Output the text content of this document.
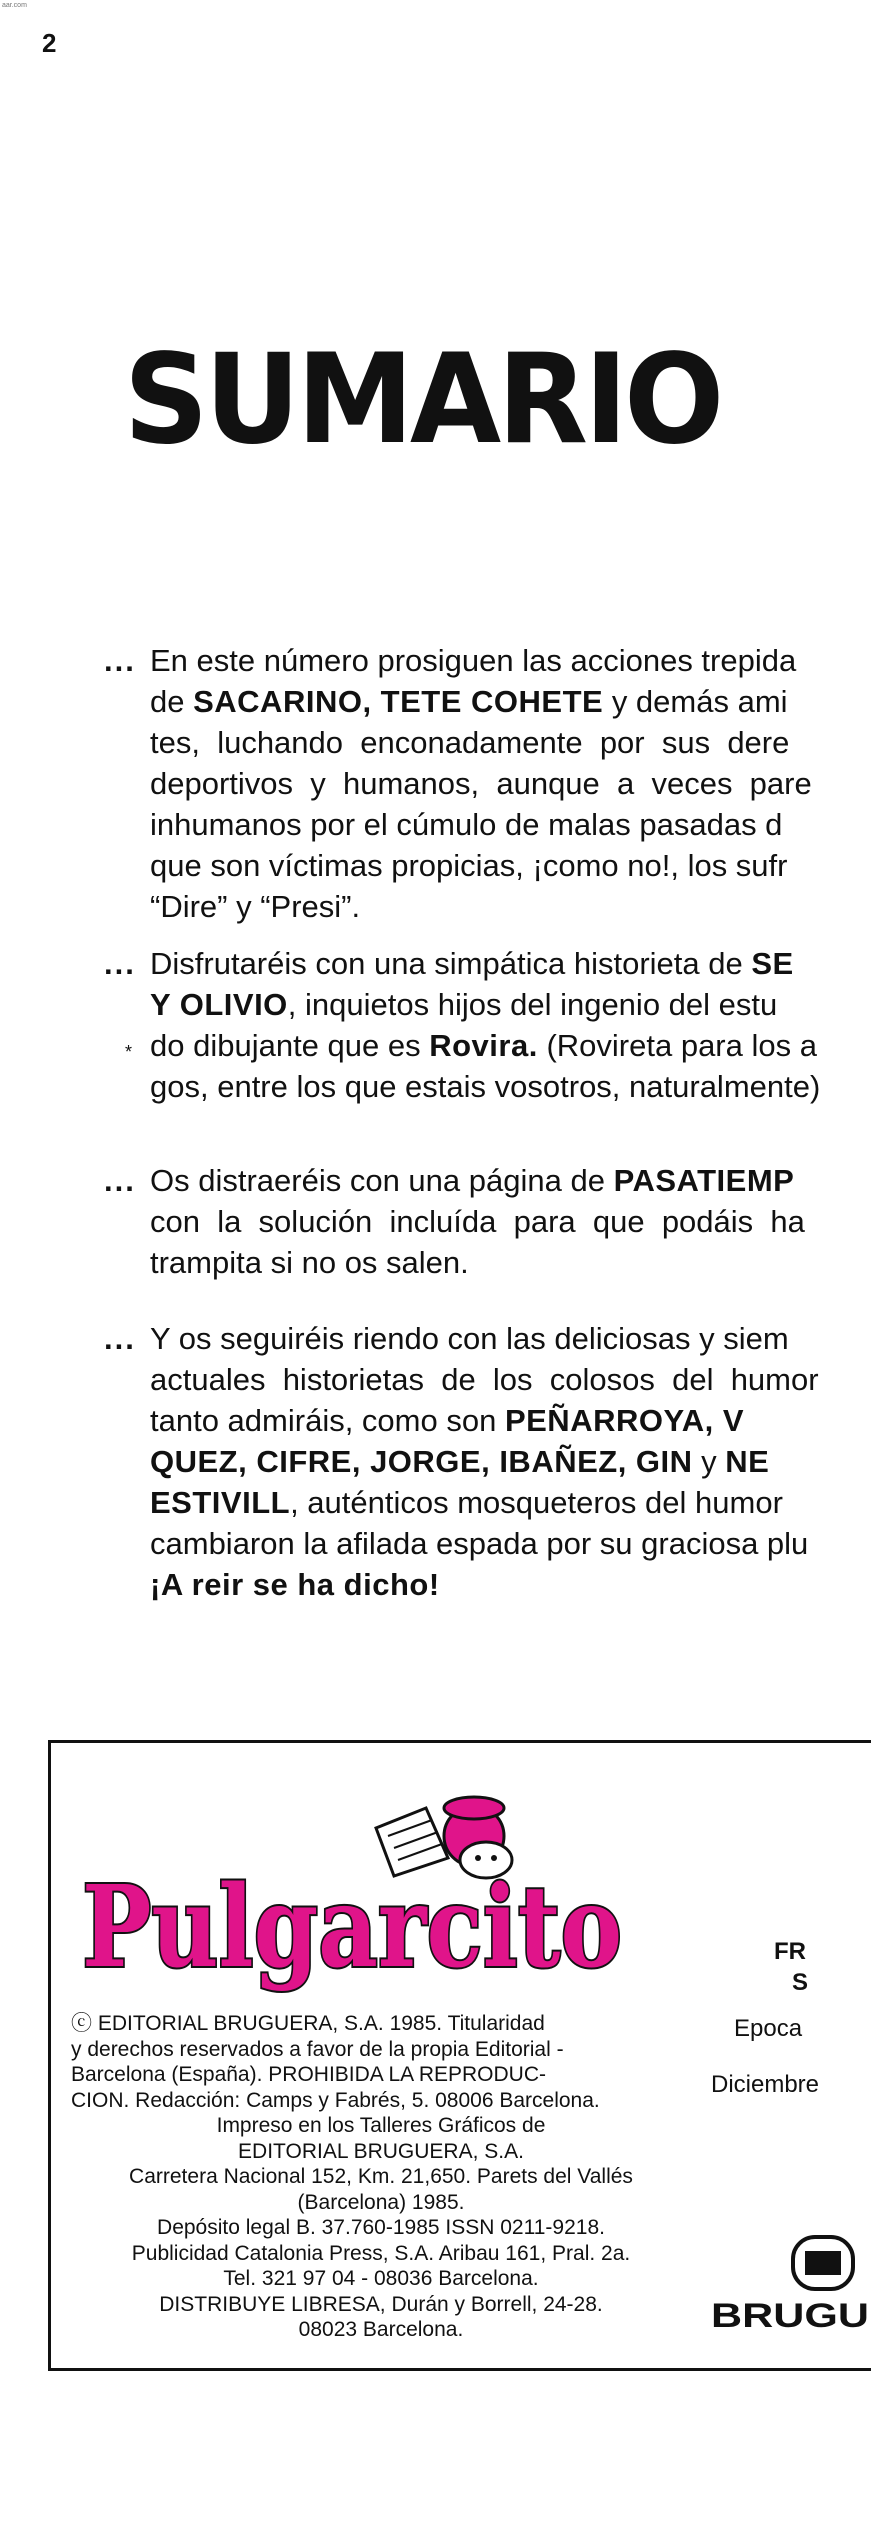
aar.com
2
SUMARIO
... En este número prosiguen las acciones trepida
de SACARINO, TETE COHETE y demás ami
tes,  luchando  enconadamente  por  sus  dere
deportivos  y  humanos,  aunque  a  veces  pare
inhumanos por el cúmulo de malas pasadas d
que son víctimas propicias, ¡como no!, los sufr
“Dire” y “Presi”.
... Disfrutaréis con una simpática historieta de SE
Y OLIVIO, inquietos hijos del ingenio del estu
do dibujante que es Rovira. (Rovireta para los a
gos, entre los que estais vosotros, naturalmente)
*
... Os distraeréis con una página de PASATIEMP
con  la  solución  incluída  para  que  podáis  ha
trampita si no os salen.
... Y os seguiréis riendo con las deliciosas y siem
actuales  historietas  de  los  colosos  del  humor
tanto admiráis, como son PEÑARROYA, V
QUEZ, CIFRE, JORGE, IBAÑEZ, GIN y NE
ESTIVILL, auténticos mosqueteros del humor
cambiaron la afilada espada por su graciosa plu
¡A reir se ha dicho!
Pulgarcito
ⓒ EDITORIAL BRUGUERA, S.A. 1985. Titularidad
y derechos reservados a favor de la propia Editorial -
Barcelona (España). PROHIBIDA LA REPRODUC-
CION. Redacción: Camps y Fabrés, 5. 08006 Barcelona.
Impreso en los Talleres Gráficos de
EDITORIAL BRUGUERA, S.A.
Carretera Nacional 152, Km. 21,650. Parets del Vallés
(Barcelona) 1985.
Depósito legal B. 37.760-1985 ISSN 0211-9218.
Publicidad Catalonia Press, S.A. Aribau 161, Pral. 2a.
Tel. 321 97 04 - 08036 Barcelona.
DISTRIBUYE LIBRESA, Durán y Borrell, 24-28.
08023 Barcelona.
FR
S
Epoca
Diciembre
BRUGU
